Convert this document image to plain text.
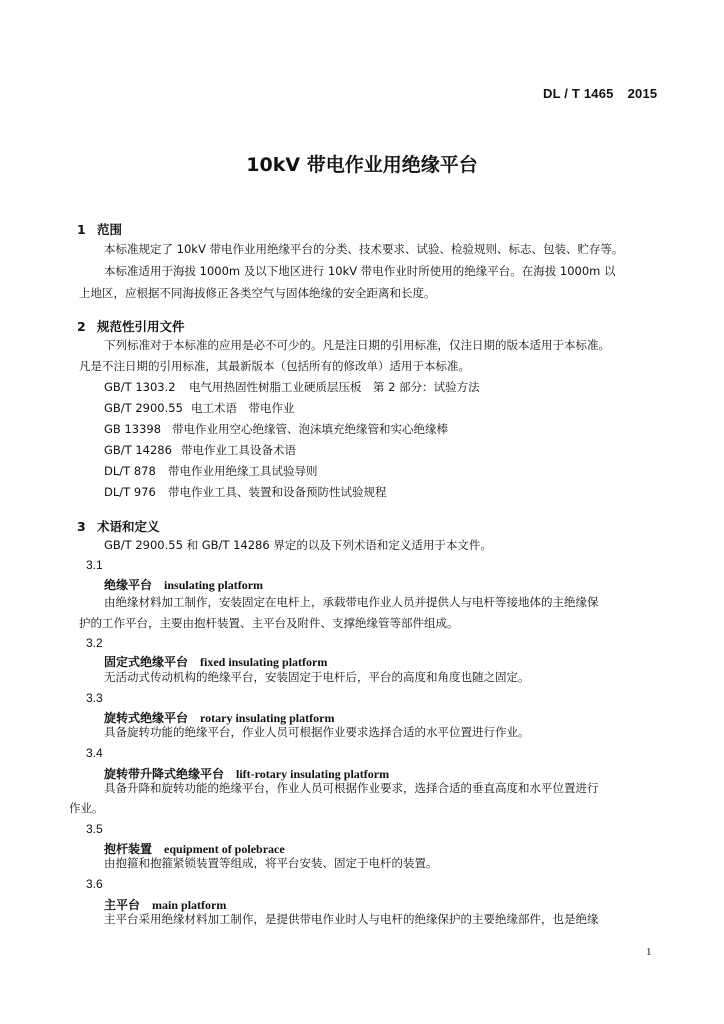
DL / T 1465 2015
10kV 带电作业用绝缘平台
1 范围
本标准规定了 10kV 带电作业用绝缘平台的分类、技术要求、试验、检验规则、标志、包装、贮存等。
本标准适用于海拔 1000m 及以下地区进行 10kV 带电作业时所使用的绝缘平台。在海拔 1000m 以
上地区，应根据不同海拔修正各类空气与固体绝缘的安全距离和长度。
2 规范性引用文件
下列标准对于本标准的应用是必不可少的。凡是注日期的引用标准，仅注日期的版本适用于本标准。
凡是不注日期的引用标准，其最新版本（包括所有的修改单）适用于本标准。
GB/T 1303.2 电气用热固性树脂工业硬质层压板　第 2 部分：试验方法
GB/T 2900.55 电工术语　带电作业
GB 13398 带电作业用空心绝缘管、泡沫填充绝缘管和实心绝缘棒
GB/T 14286 带电作业工具设备术语
DL/T 878 带电作业用绝缘工具试验导则
DL/T 976 带电作业工具、装置和设备预防性试验规程
3 术语和定义
GB/T 2900.55 和 GB/T 14286 界定的以及下列术语和定义适用于本文件。
3.1
绝缘平台 insulating platform
由绝缘材料加工制作，安装固定在电杆上，承载带电作业人员并提供人与电杆等接地体的主绝缘保
护的工作平台，主要由抱杆装置、主平台及附件、支撑绝缘管等部件组成。
3.2
固定式绝缘平台 fixed insulating platform
无活动式传动机构的绝缘平台，安装固定于电杆后，平台的高度和角度也随之固定。
3.3
旋转式绝缘平台 rotary insulating platform
具备旋转功能的绝缘平台，作业人员可根据作业要求选择合适的水平位置进行作业。
3.4
旋转带升降式绝缘平台 lift-rotary insulating platform
具备升降和旋转功能的绝缘平台，作业人员可根据作业要求，选择合适的垂直高度和水平位置进行
作业。
3.5
抱杆装置 equipment of polebrace
由抱箍和抱箍紧锁装置等组成，将平台安装、固定于电杆的装置。
3.6
主平台 main platform
主平台采用绝缘材料加工制作，是提供带电作业时人与电杆的绝缘保护的主要绝缘部件，也是绝缘
1
